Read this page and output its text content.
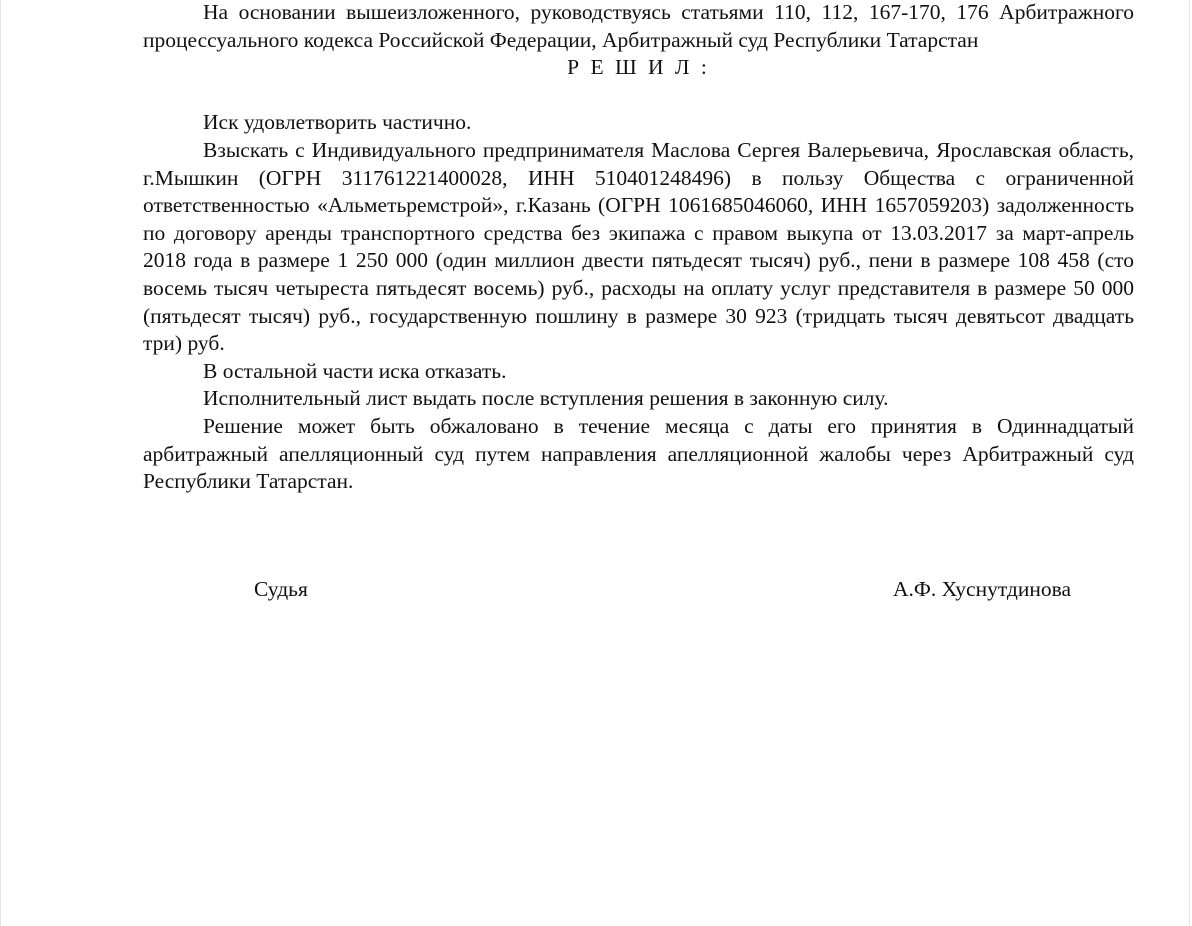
На основании вышеизложенного, руководствуясь статьями 110, 112, 167-170, 176 Арбитражного процессуального кодекса Российской Федерации, Арбитражный суд Республики Татарстан

Р Е Ш И Л :

Иск удовлетворить частично.

Взыскать с Индивидуального предпринимателя Маслова Сергея Валерьевича, Ярославская область, г.Мышкин (ОГРН 311761221400028, ИНН 510401248496) в пользу Общества с ограниченной ответственностью «Альметьремстрой», г.Казань (ОГРН 1061685046060, ИНН 1657059203) задолженность по договору аренды транспортного средства без экипажа с правом выкупа от 13.03.2017 за март-апрель 2018 года в размере 1 250 000 (один миллион двести пятьдесят тысяч) руб., пени в размере 108 458 (сто восемь тысяч четыреста пятьдесят восемь) руб., расходы на оплату услуг представителя в размере 50 000 (пятьдесят тысяч) руб., государственную пошлину в размере 30 923 (тридцать тысяч девятьсот двадцать три) руб.

В остальной части иска отказать.

Исполнительный лист выдать после вступления решения в законную силу.

Решение может быть обжаловано в течение месяца с даты его принятия в Одиннадцатый арбитражный апелляционный суд путем направления апелляционной жалобы через Арбитражный суд Республики Татарстан.

Судья	А.Ф. Хуснутдинова
